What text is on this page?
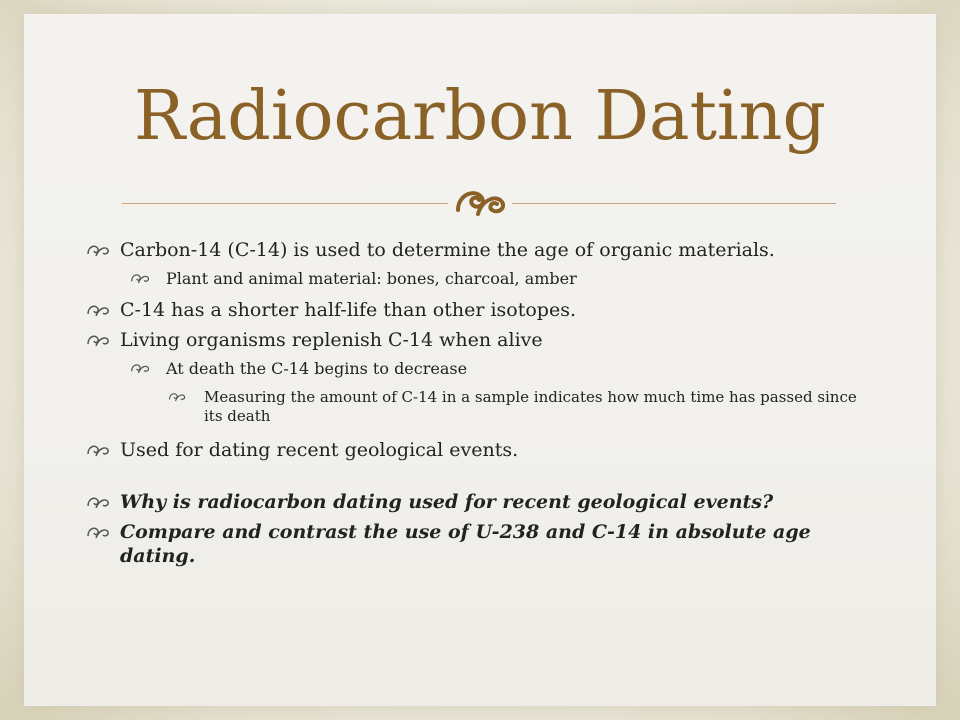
Radiocarbon Dating
Carbon-14 (C-14) is used to determine the age of organic materials.
Plant and animal material: bones, charcoal, amber
C-14 has a shorter half-life than other isotopes.
Living organisms replenish C-14 when alive
At death the C-14 begins to decrease
Measuring the amount of C-14 in a sample indicates how much time has passed since its death
Used for dating recent geological events.
Why is radiocarbon dating used for recent geological events?
Compare and contrast the use of U-238 and C-14 in absolute age dating.
